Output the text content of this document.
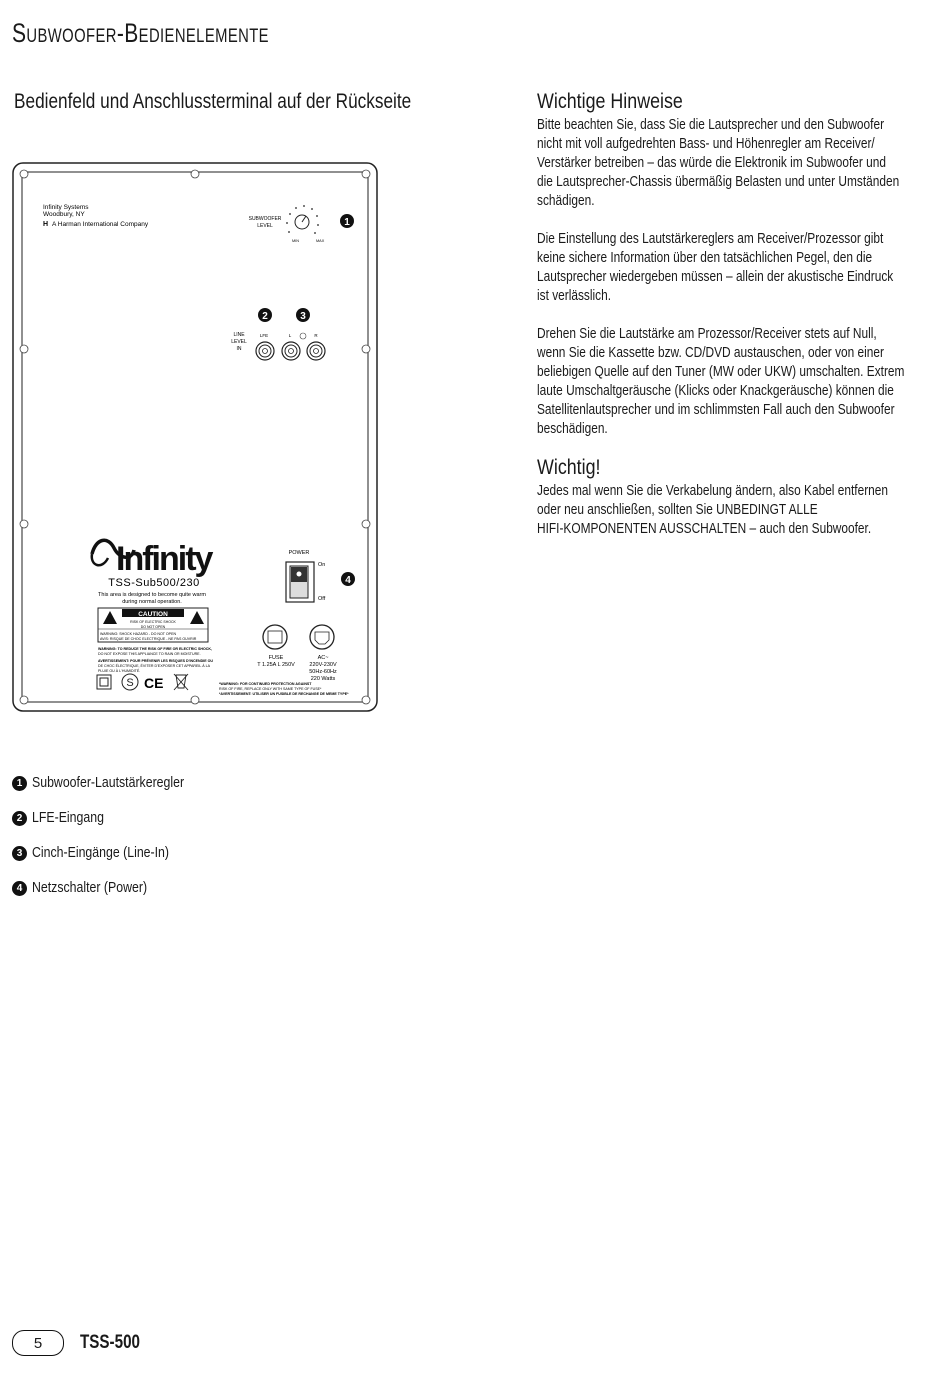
Subwoofer-Bedienelemente
Bedienfeld und Anschlussterminal auf der Rückseite	Wichtige Hinweise
Bitte beachten Sie, dass Sie die Lautsprecher und den Subwoofer
nicht mit voll aufgedrehten Bass- und Höhenregler am Receiver/
Verstärker betreiben – das würde die Elektronik im Subwoofer und
die Lautsprecher-Chassis übermäßig Belasten und unter Umständen
schädigen.
Die Einstellung des Lautstärkereglers am Receiver/Prozessor gibt
keine sichere Information über den tatsächlichen Pegel, den die
Lautsprecher wiedergeben müssen – allein der akustische Eindruck
ist verlässlich.
Drehen Sie die Lautstärke am Prozessor/Receiver stets auf Null,
wenn Sie die Kassette bzw. CD/DVD austauschen, oder von einer
beliebigen Quelle auf den Tuner (MW oder UKW) umschalten. Extrem
laute Umschaltgeräusche (Klicks oder Knackgeräusche) können die
Satellitenlautsprecher und im schlimmsten Fall auch den Subwoofer
beschädigen.
Wichtig!
Jedes mal wenn Sie die Verkabelung ändern, also Kabel entfernen
oder neu anschließen, sollten Sie UNBEDINGT ALLE
HIFI-KOMPONENTEN AUSSCHALTEN – auch den Subwoofer.
Infinity Systems
Woodbury, NY
H A Harman International Company
SUBWOOFER
LEVEL
MIN	MAX
1
2	3
LINE
LEVEL
IN
LFE	L	R
Infinity
TSS-Sub500/230
This area is designed to become quite warm
during normal operation.
CAUTION
RISK OF ELECTRIC SHOCK
DO NOT OPEN
WARNING: SHOCK HAZARD - DO NOT OPEN
AVIS: RISQUE DE CHOC ELECTRIQUE - NE PAS OUVRIR
WARNING: TO REDUCE THE RISK OF FIRE OR ELECTRIC SHOCK,
DO NOT EXPOSE THIS APPLIANCE TO RAIN OR MOISTURE.
AVERTISSEMENT: POUR PRÉVENIR LES RISQUES D'INCENDIE OU
DE CHOC ÉLECTRIQUE, ÉVITER D'EXPOSER CET APPAREIL À LA
PLUIE OU À L'HUMIDITÉ.
S CE
POWER
On
Off
4
FUSE
T 1.25A L 250V
AC~
220V-230V
50Hz-60Hz
220 Watts
*WARNING: FOR CONTINUED PROTECTION AGAINST
RISK OF FIRE, REPLACE ONLY WITH SAME TYPE OF FUSE*
*AVERTISSEMENT: UTILISER UN FUSIBLE DE RECHANGE DE MEME TYPE*
1 Subwoofer-Lautstärkeregler
2 LFE-Eingang
3 Cinch-Eingänge (Line-In)
4 Netzschalter (Power)
5	TSS-500
